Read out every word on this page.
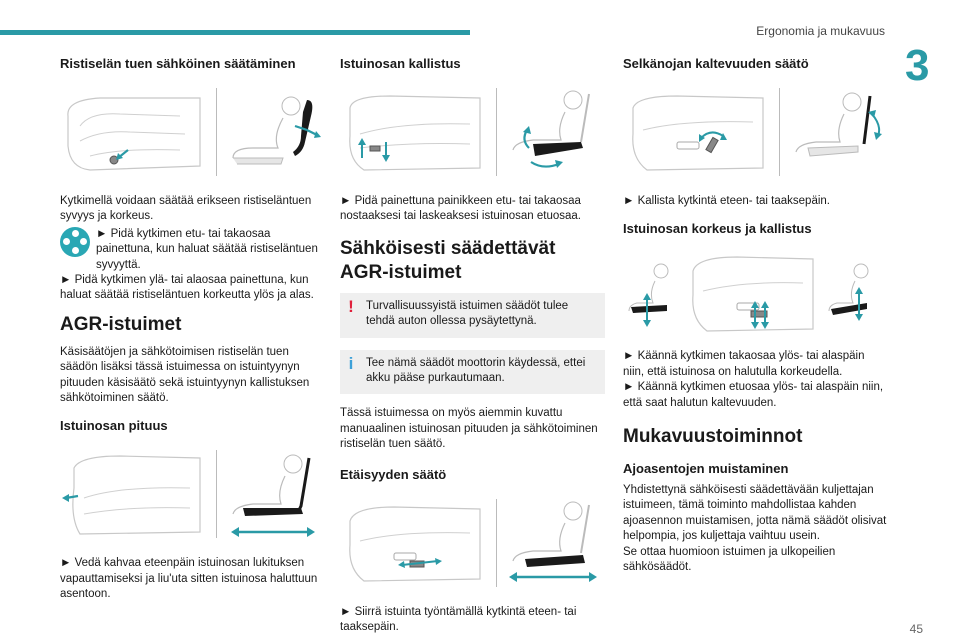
Ergonomia ja mukavuus
3
Ristiselän tuen sähköinen säätäminen

Kytkimellä voidaan säätää erikseen ristiseläntuen syvyys ja korkeus.

► Pidä kytkimen etu- tai takaosaa painettuna, kun haluat säätää ristiseläntuen syvyyttä.

► Pidä kytkimen ylä- tai alaosaa painettuna, kun haluat säätää ristiseläntuen korkeutta ylös ja alas.

AGR-istuimet

Käsisäätöjen ja sähkötoimisen ristiselän tuen säädön lisäksi tässä istuimessa on istuintyynyn pituuden käsisäätö sekä istuintyynyn kallistuksen sähkötoiminen säätö.

Istuinosan pituus

► Vedä kahvaa eteenpäin istuinosan lukituksen vapauttamiseksi ja liu'uta sitten istuinosa haluttuun asentoon.

Istuinosan kallistus

► Pidä painettuna painikkeen etu- tai takaosaa nostaaksesi tai laskeaksesi istuinosan etuosaa.

Sähköisesti säädettävät AGR-istuimet
!	Turvallisuussyistä istuimen säädöt tulee tehdä auton ollessa pysäytettynä.
i	Tee nämä säädöt moottorin käydessä, ettei akku pääse purkautumaan.

Tässä istuimessa on myös aiemmin kuvattu manuaalinen istuinosan pituuden ja sähkötoiminen ristiselän tuen säätö.

Etäisyyden säätö

► Siirrä istuinta työntämällä kytkintä eteen- tai taaksepäin.

Selkänojan kaltevuuden säätö

► Kallista kytkintä eteen- tai taaksepäin.

Istuinosan korkeus ja kallistus

► Käännä kytkimen takaosaa ylös- tai alaspäin niin, että istuinosa on halutulla korkeudella.

► Käännä kytkimen etuosaa ylös- tai alaspäin niin, että saat halutun kaltevuuden.

Mukavuustoiminnot
Ajoasentojen muistaminen

Yhdistettynä sähköisesti säädettävään kuljettajan istuimeen, tämä toiminto mahdollistaa kahden ajoasennon muistamisen, jotta nämä säädöt olisivat helpompia, jos kuljettaja vaihtuu usein.

Se ottaa huomioon istuimen ja ulkopeilien sähkösäädöt.

45
